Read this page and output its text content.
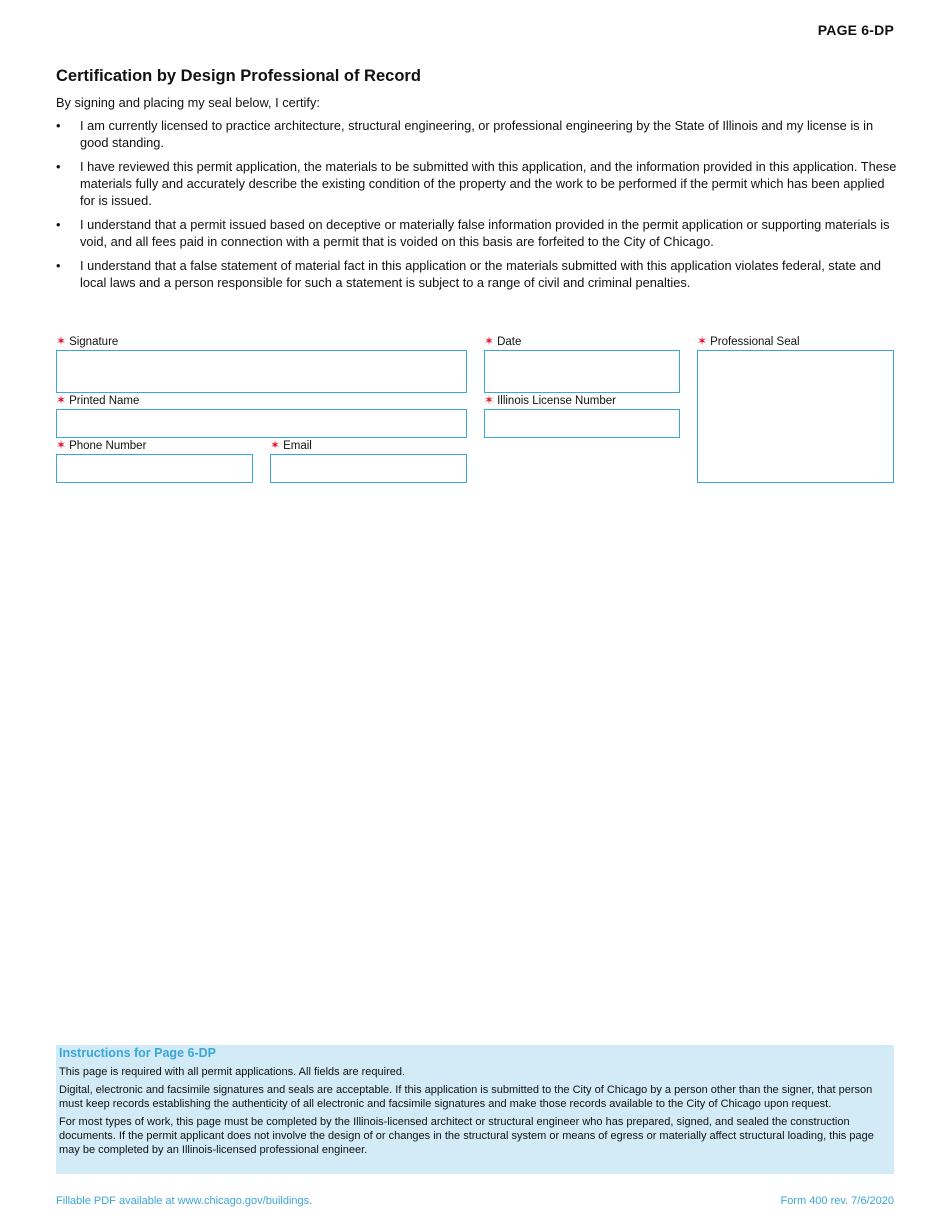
PAGE 6-DP
Certification by Design Professional of Record
By signing and placing my seal below, I certify:
• I am currently licensed to practice architecture, structural engineering, or professional engineering by the State of Illinois and my license is in good standing.
• I have reviewed this permit application, the materials to be submitted with this application, and the information provided in this application. These materials fully and accurately describe the existing condition of the property and the work to be performed if the permit which has been applied for is issued.
• I understand that a permit issued based on deceptive or materially false information provided in the permit application or supporting materials is void, and all fees paid in connection with a permit that is voided on this basis are forfeited to the City of Chicago.
• I understand that a false statement of material fact in this application or the materials submitted with this application violates federal, state and local laws and a person responsible for such a statement is subject to a range of civil and criminal penalties.
✶ Signature	✶ Date	✶ Professional Seal
✶ Printed Name	✶ Illinois License Number
✶ Phone Number	✶ Email
Instructions for Page 6-DP

This page is required with all permit applications. All fields are required.

Digital, electronic and facsimile signatures and seals are acceptable. If this application is submitted to the City of Chicago by a person other than the signer, that person must keep records establishing the authenticity of all electronic and facsimile signatures and make those records available to the City of Chicago upon request.

For most types of work, this page must be completed by the Illinois-licensed architect or structural engineer who has prepared, signed, and sealed the construction documents. If the permit applicant does not involve the design of or changes in the structural system or means of egress or materially affect structural loading, this page may be completed by an Illinois-licensed professional engineer.

Fillable PDF available at www.chicago.gov/buildings.	Form 400 rev. 7/6/2020
